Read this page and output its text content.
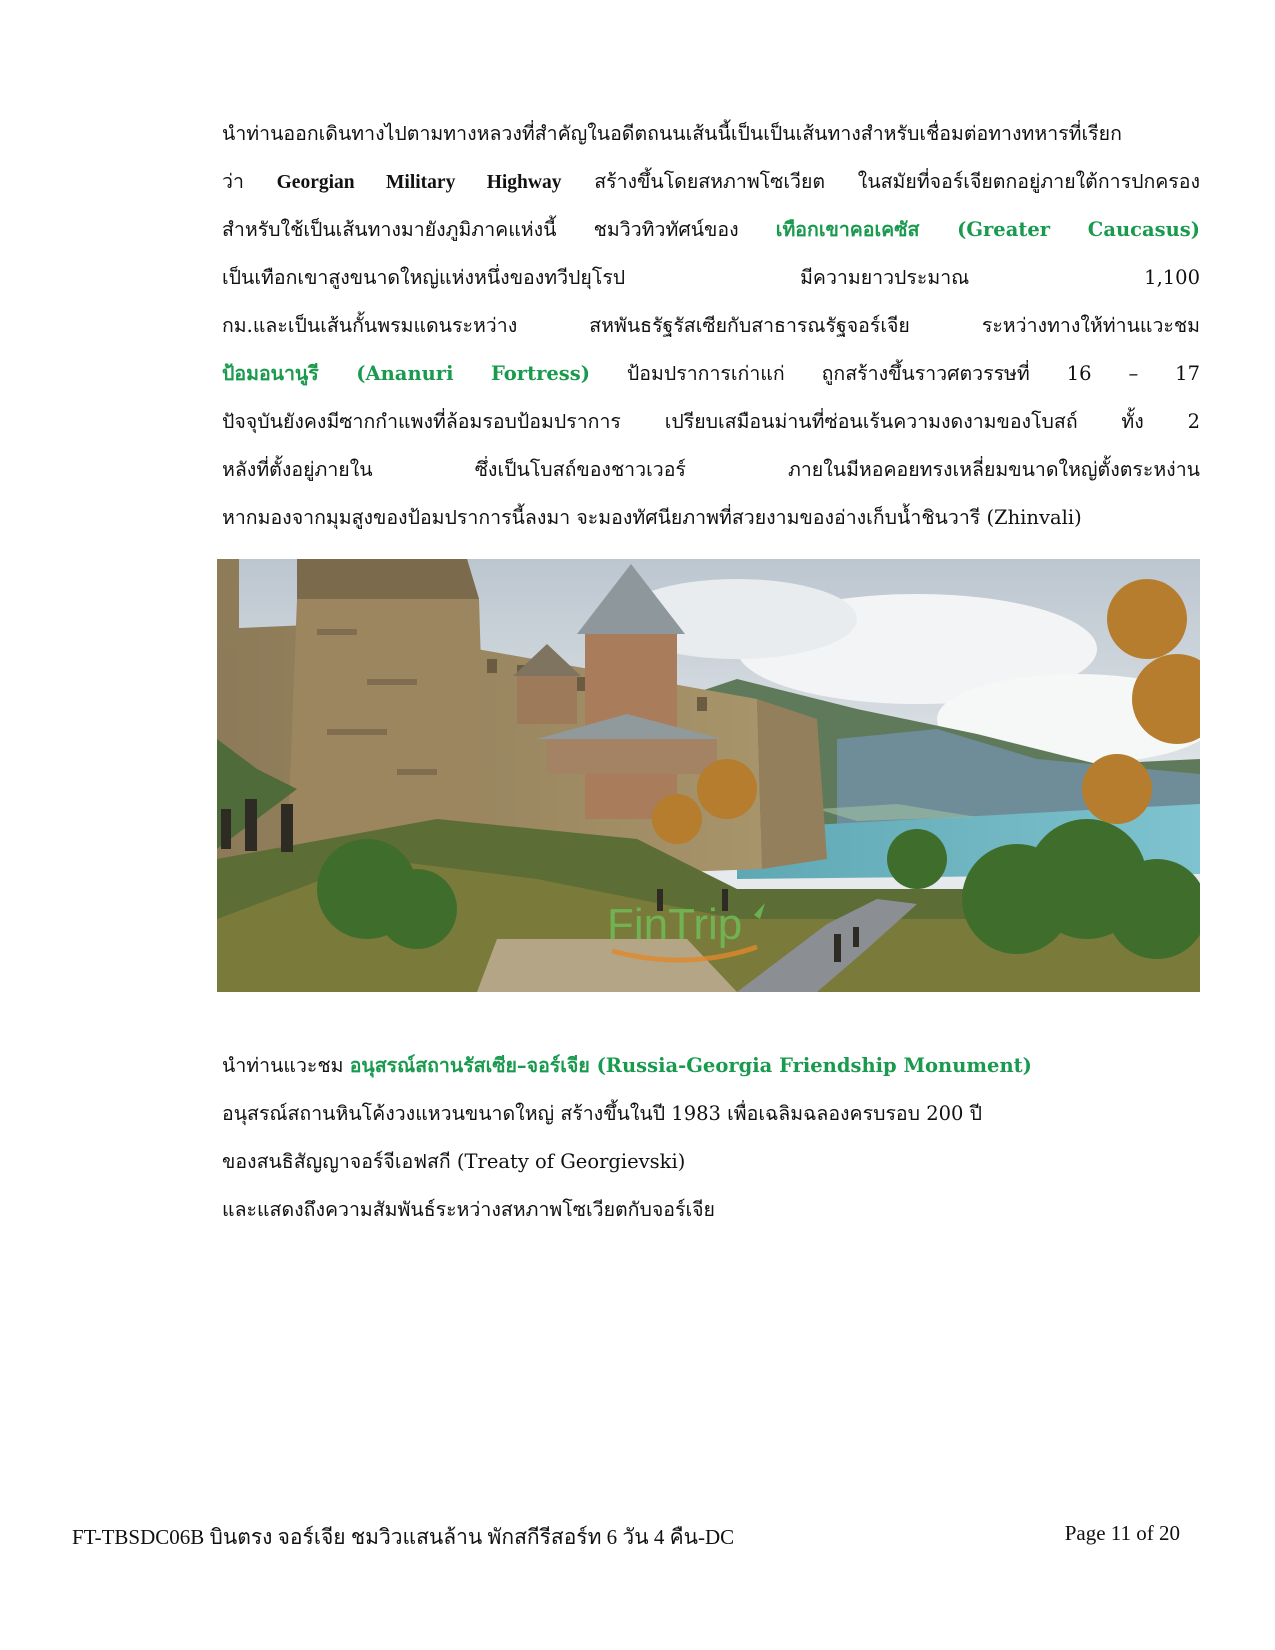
นำท่านออกเดินทางไปตามทางหลวงที่สำคัญในอดีตถนนเส้นนี้เป็นเป็นเส้นทางสำหรับเชื่อมต่อทางทหารที่เรียก
ว่า Georgian Military Highway สร้างขึ้นโดยสหภาพโซเวียต ในสมัยที่จอร์เจียตกอยู่ภายใต้การปกครอง
สำหรับใช้เป็นเส้นทางมายังภูมิภาคแห่งนี้ ชมวิวทิวทัศน์ของ เทือกเขาคอเคซัส (Greater Caucasus)
เป็นเทือกเขาสูงขนาดใหญ่แห่งหนึ่งของทวีปยุโรป	มีความยาวประมาณ	1,100
กม.และเป็นเส้นกั้นพรมแดนระหว่าง สหพันธรัฐรัสเซียกับสาธารณรัฐจอร์เจีย ระหว่างทางให้ท่านแวะชม
ป้อมอนานูรี (Ananuri Fortress) ป้อมปราการเก่าแก่ ถูกสร้างขึ้นราวศตวรรษที่ 16 – 17
ปัจจุบันยังคงมีซากกำแพงที่ล้อมรอบป้อมปราการ เปรียบเสมือนม่านที่ซ่อนเร้นความงดงามของโบสถ์ ทั้ง 2
หลังที่ตั้งอยู่ภายใน ซึ่งเป็นโบสถ์ของชาวเวอร์ ภายในมีหอคอยทรงเหลี่ยมขนาดใหญ่ตั้งตระหง่าน
หากมองจากมุมสูงของป้อมปราการนี้ลงมา จะมองทัศนียภาพที่สวยงามของอ่างเก็บน้ำชินวารี (Zhinvali)
FinTrip
นำท่านแวะชม อนุสรณ์สถานรัสเซีย–จอร์เจีย (Russia-Georgia Friendship Monument)
อนุสรณ์สถานหินโค้งวงแหวนขนาดใหญ่ สร้างขึ้นในปี 1983 เพื่อเฉลิมฉลองครบรอบ 200 ปี
ของสนธิสัญญาจอร์จีเอฟสกี (Treaty of Georgievski)
และแสดงถึงความสัมพันธ์ระหว่างสหภาพโซเวียตกับจอร์เจีย
FT-TBSDC06B บินตรง จอร์เจีย ชมวิวแสนล้าน พักสกีรีสอร์ท 6 วัน 4 คืน-DC	Page 11 of 20
